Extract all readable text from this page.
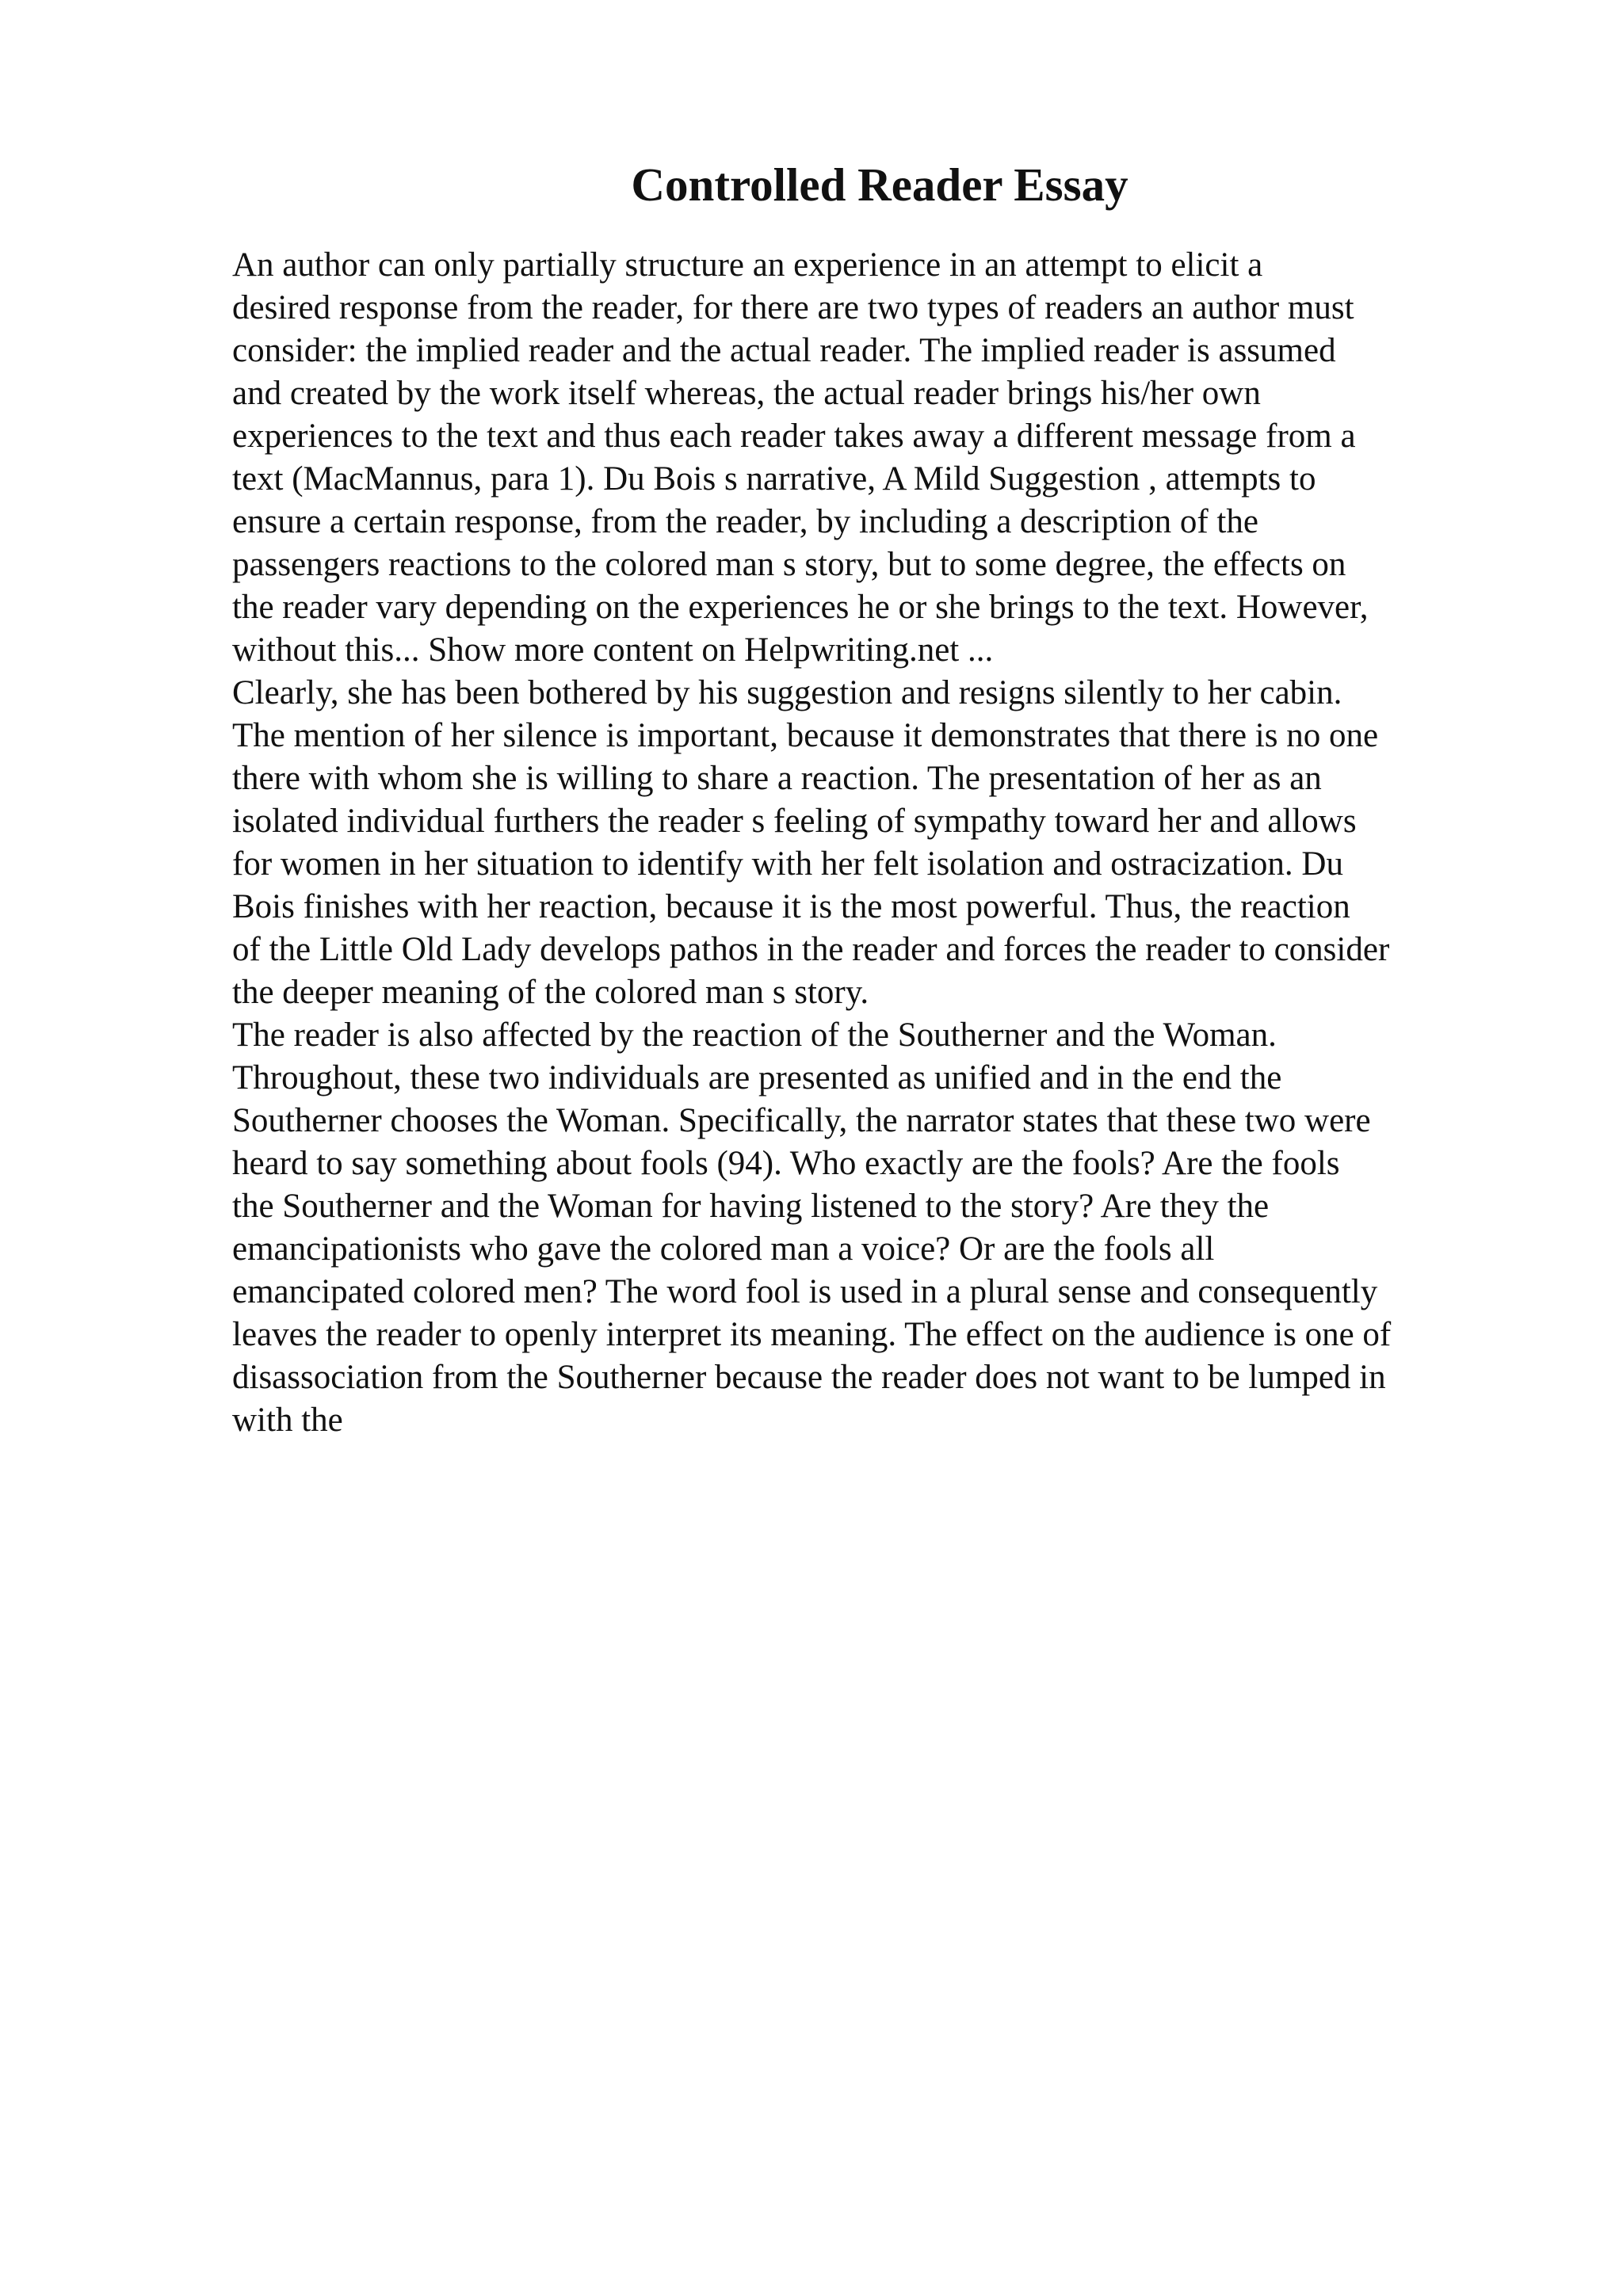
Controlled Reader Essay
An author can only partially structure an experience in an attempt to elicit a
desired response from the reader, for there are two types of readers an author must
consider: the implied reader and the actual reader. The implied reader is assumed
and created by the work itself whereas, the actual reader brings his/her own
experiences to the text and thus each reader takes away a different message from a
text (MacMannus, para 1). Du Bois s narrative, A Mild Suggestion , attempts to
ensure a certain response, from the reader, by including a description of the
passengers reactions to the colored man s story, but to some degree, the effects on
the reader vary depending on the experiences he or she brings to the text. However,
without this... Show more content on Helpwriting.net ...
Clearly, she has been bothered by his suggestion and resigns silently to her cabin.
The mention of her silence is important, because it demonstrates that there is no one
there with whom she is willing to share a reaction. The presentation of her as an
isolated individual furthers the reader s feeling of sympathy toward her and allows
for women in her situation to identify with her felt isolation and ostracization. Du
Bois finishes with her reaction, because it is the most powerful. Thus, the reaction
of the Little Old Lady develops pathos in the reader and forces the reader to consider
the deeper meaning of the colored man s story.
The reader is also affected by the reaction of the Southerner and the Woman.
Throughout, these two individuals are presented as unified and in the end the
Southerner chooses the Woman. Specifically, the narrator states that these two were
heard to say something about fools (94). Who exactly are the fools? Are the fools
the Southerner and the Woman for having listened to the story? Are they the
emancipationists who gave the colored man a voice? Or are the fools all
emancipated colored men? The word fool is used in a plural sense and consequently
leaves the reader to openly interpret its meaning. The effect on the audience is one of
disassociation from the Southerner because the reader does not want to be lumped in
with the
